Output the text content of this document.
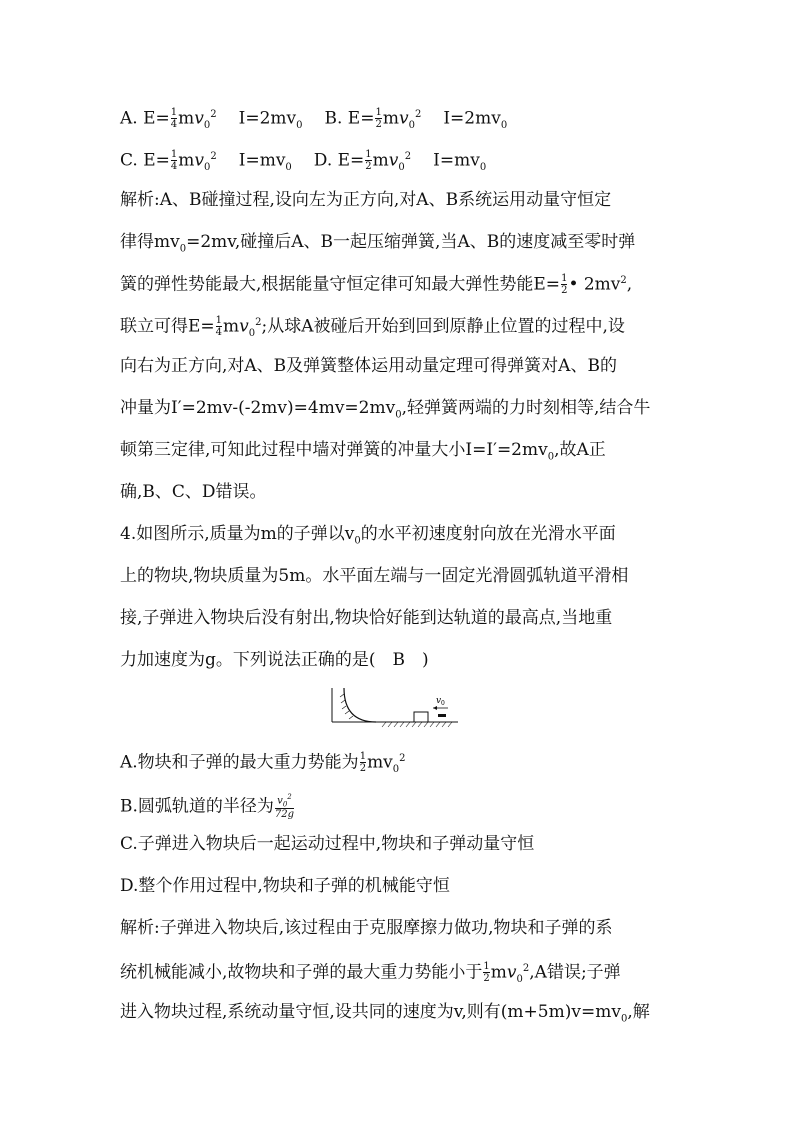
A. $E= \frac{1}{4} mv_0^2$ $I=2mv_0$ B. $E= \frac{1}{2} mv_0^2$ $I=2mv_0$
C. $E= \frac{1}{4} mv_0^2$ $I=mv_0$ D. $E= \frac{1}{2} mv_0^2$ $I=mv_0$
解析:A、B碰撞过程,设向左为正方向,对A、B系统运用动量守恒定
律得$mv_0=2mv$,碰撞后A、B一起压缩弹簧,当A、B的速度减至零时弹
簧的弹性势能最大,根据能量守恒定律可知最大弹性势能$E= \frac{1}{2}$ • $2mv^2$,
联立可得$E= \frac{1}{4} mv_0^2$;从球A被碰后开始到回到原静止位置的过程中,设
向右为正方向,对A、B及弹簧整体运用动量定理可得弹簧对A、B的
冲量为$I'=2mv-(-2mv)=4mv=2mv_0$,轻弹簧两端的力时刻相等,结合牛
顿第三定律,可知此过程中墙对弹簧的冲量大小$I=I'=2mv_0$,故A正
确,B、C、D错误。
4.如图所示,质量为m的子弹以$v_0$的水平初速度射向放在光滑水平面
上的物块,物块质量为5m。水平面左端与一固定光滑圆弧轨道平滑相
接,子弹进入物块后没有射出,物块恰好能到达轨道的最高点,当地重
力加速度为g。下列说法正确的是(　B　)
v 0
A.物块和子弹的最大重力势能为 $\frac{1}{2} mv_0^2$
B.圆弧轨道的半径为 $\frac{v_0^2}{72g}$
C.子弹进入物块后一起运动过程中,物块和子弹动量守恒
D.整个作用过程中,物块和子弹的机械能守恒
解析:子弹进入物块后,该过程由于克服摩擦力做功,物块和子弹的系
统机械能减小,故物块和子弹的最大重力势能小于 $\frac{1}{2} mv_0^2,A$错误;子弹
进入物块过程,系统动量守恒,设共同的速度为v,则有$(m+5m)v=mv_0$,解
